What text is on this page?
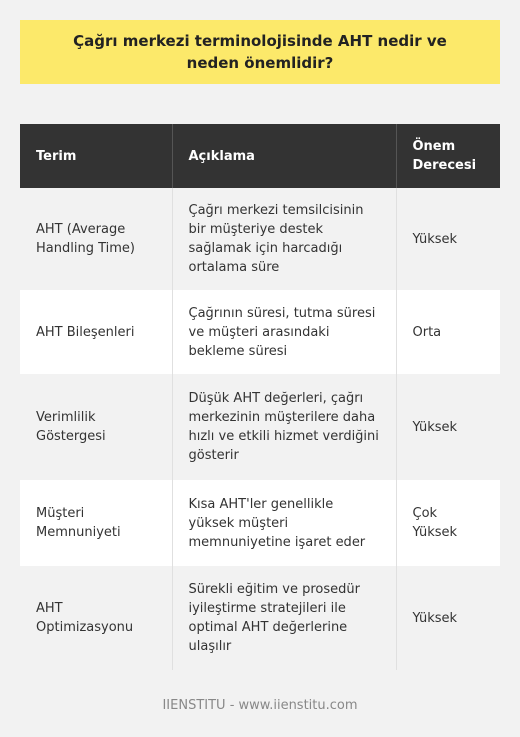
Çağrı merkezi terminolojisinde AHT nedir ve neden önemlidir?
Terim	Açıklama	Önem Derecesi
AHT (Average Handling Time)	Çağrı merkezi temsilcisinin bir müşteriye destek sağlamak için harcadığı ortalama süre	Yüksek
AHT Bileşenleri	Çağrının süresi, tutma süresi ve müşteri arasındaki bekleme süresi	Orta
Verimlilik Göstergesi	Düşük AHT değerleri, çağrı merkezinin müşterilere daha hızlı ve etkili hizmet verdiğini gösterir	Yüksek
Müşteri Memnuniyeti	Kısa AHT'ler genellikle yüksek müşteri memnuniyetine işaret eder	Çok Yüksek
AHT Optimizasyonu	Sürekli eğitim ve prosedür iyileştirme stratejileri ile optimal AHT değerlerine ulaşılır	Yüksek
IIENSTITU - www.iienstitu.com
